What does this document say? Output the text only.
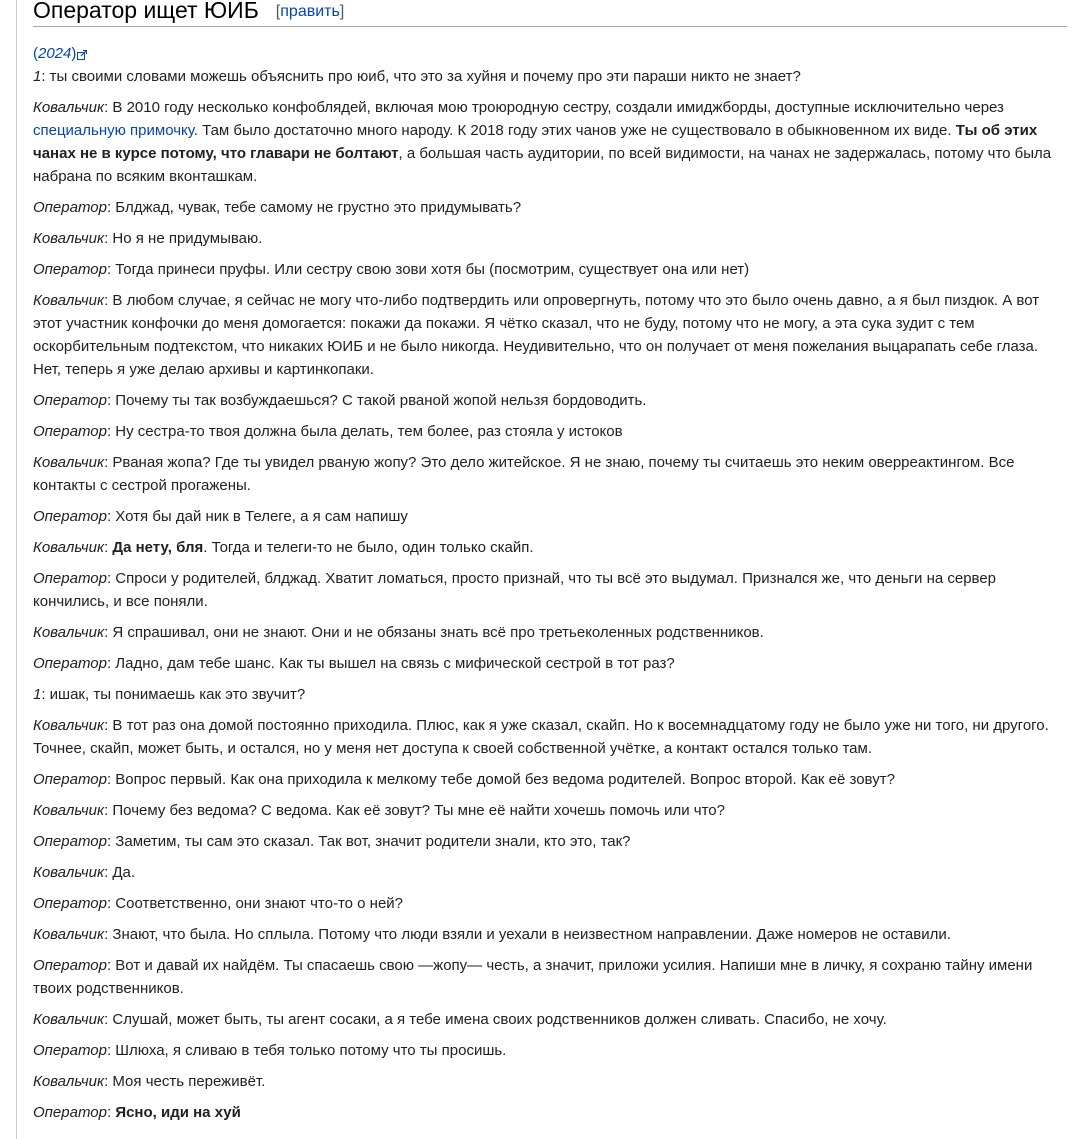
Оператор ищет ЮИБ [править]
( 2024 )

1: ты своими словами можешь объяснить про юиб, что это за хуйня и почему про эти параши никто не знает?

Ковальчик: В 2010 году несколько конфоблядей, включая мою троюродную сестру, создали имиджборды, доступные исключительно через специальную примочку. Там было достаточно много народу. К 2018 году этих чанов уже не существовало в обыкновенном их виде. Ты об этих чанах не в курсе потому, что главари не болтают, а большая часть аудитории, по всей видимости, на чанах не задержалась, потому что была набрана по всяким вконташкам.

Оператор: Блджад, чувак, тебе самому не грустно это придумывать?

Ковальчик: Но я не придумываю.

Оператор: Тогда принеси пруфы. Или сестру свою зови хотя бы (посмотрим, существует она или нет)

Ковальчик: В любом случае, я сейчас не могу что-либо подтвердить или опровергнуть, потому что это было очень давно, а я был пиздюк. А вот этот участник конфочки до меня домогается: покажи да покажи. Я чётко сказал, что не буду, потому что не могу, а эта сука зудит с тем оскорбительным подтекстом, что никаких ЮИБ и не было никогда. Неудивительно, что он получает от меня пожелания выцарапать себе глаза. Нет, теперь я уже делаю архивы и картинкопаки.

Оператор: Почему ты так возбуждаешься? С такой рваной жопой нельзя бордоводить.

Оператор: Ну сестра-то твоя должна была делать, тем более, раз стояла у истоков

Ковальчик: Рваная жопа? Где ты увидел рваную жопу? Это дело житейское. Я не знаю, почему ты считаешь это неким оверреактингом. Все контакты с сестрой прогажены.

Оператор: Хотя бы дай ник в Телеге, а я сам напишу

Ковальчик: Да нету, бля. Тогда и телеги-то не было, один только скайп.

Оператор: Спроси у родителей, блджад. Хватит ломаться, просто признай, что ты всё это выдумал. Признался же, что деньги на сервер кончились, и все поняли.

Ковальчик: Я спрашивал, они не знают. Они и не обязаны знать всё про третьеколенных родственников.

Оператор: Ладно, дам тебе шанс. Как ты вышел на связь с мифической сестрой в тот раз?

1: ишак, ты понимаешь как это звучит?

Ковальчик: В тот раз она домой постоянно приходила. Плюс, как я уже сказал, скайп. Но к восемнадцатому году не было уже ни того, ни другого. Точнее, скайп, может быть, и остался, но у меня нет доступа к своей собственной учётке, а контакт остался только там.

Оператор: Вопрос первый. Как она приходила к мелкому тебе домой без ведома родителей. Вопрос второй. Как её зовут?

Ковальчик: Почему без ведома? С ведома. Как её зовут? Ты мне её найти хочешь помочь или что?

Оператор: Заметим, ты сам это сказал. Так вот, значит родители знали, кто это, так?

Ковальчик: Да.

Оператор: Соответственно, они знают что-то о ней?

Ковальчик: Знают, что была. Но сплыла. Потому что люди взяли и уехали в неизвестном направлении. Даже номеров не оставили.

Оператор: Вот и давай их найдём. Ты спасаешь свою —жопу— честь, а значит, приложи усилия. Напиши мне в личку, я сохраню тайну имени твоих родственников.

Ковальчик: Слушай, может быть, ты агент сосаки, а я тебе имена своих родственников должен сливать. Спасибо, не хочу.

Оператор: Шлюха, я сливаю в тебя только потому что ты просишь.

Ковальчик: Моя честь переживёт.

Оператор: Ясно, иди на хуй
